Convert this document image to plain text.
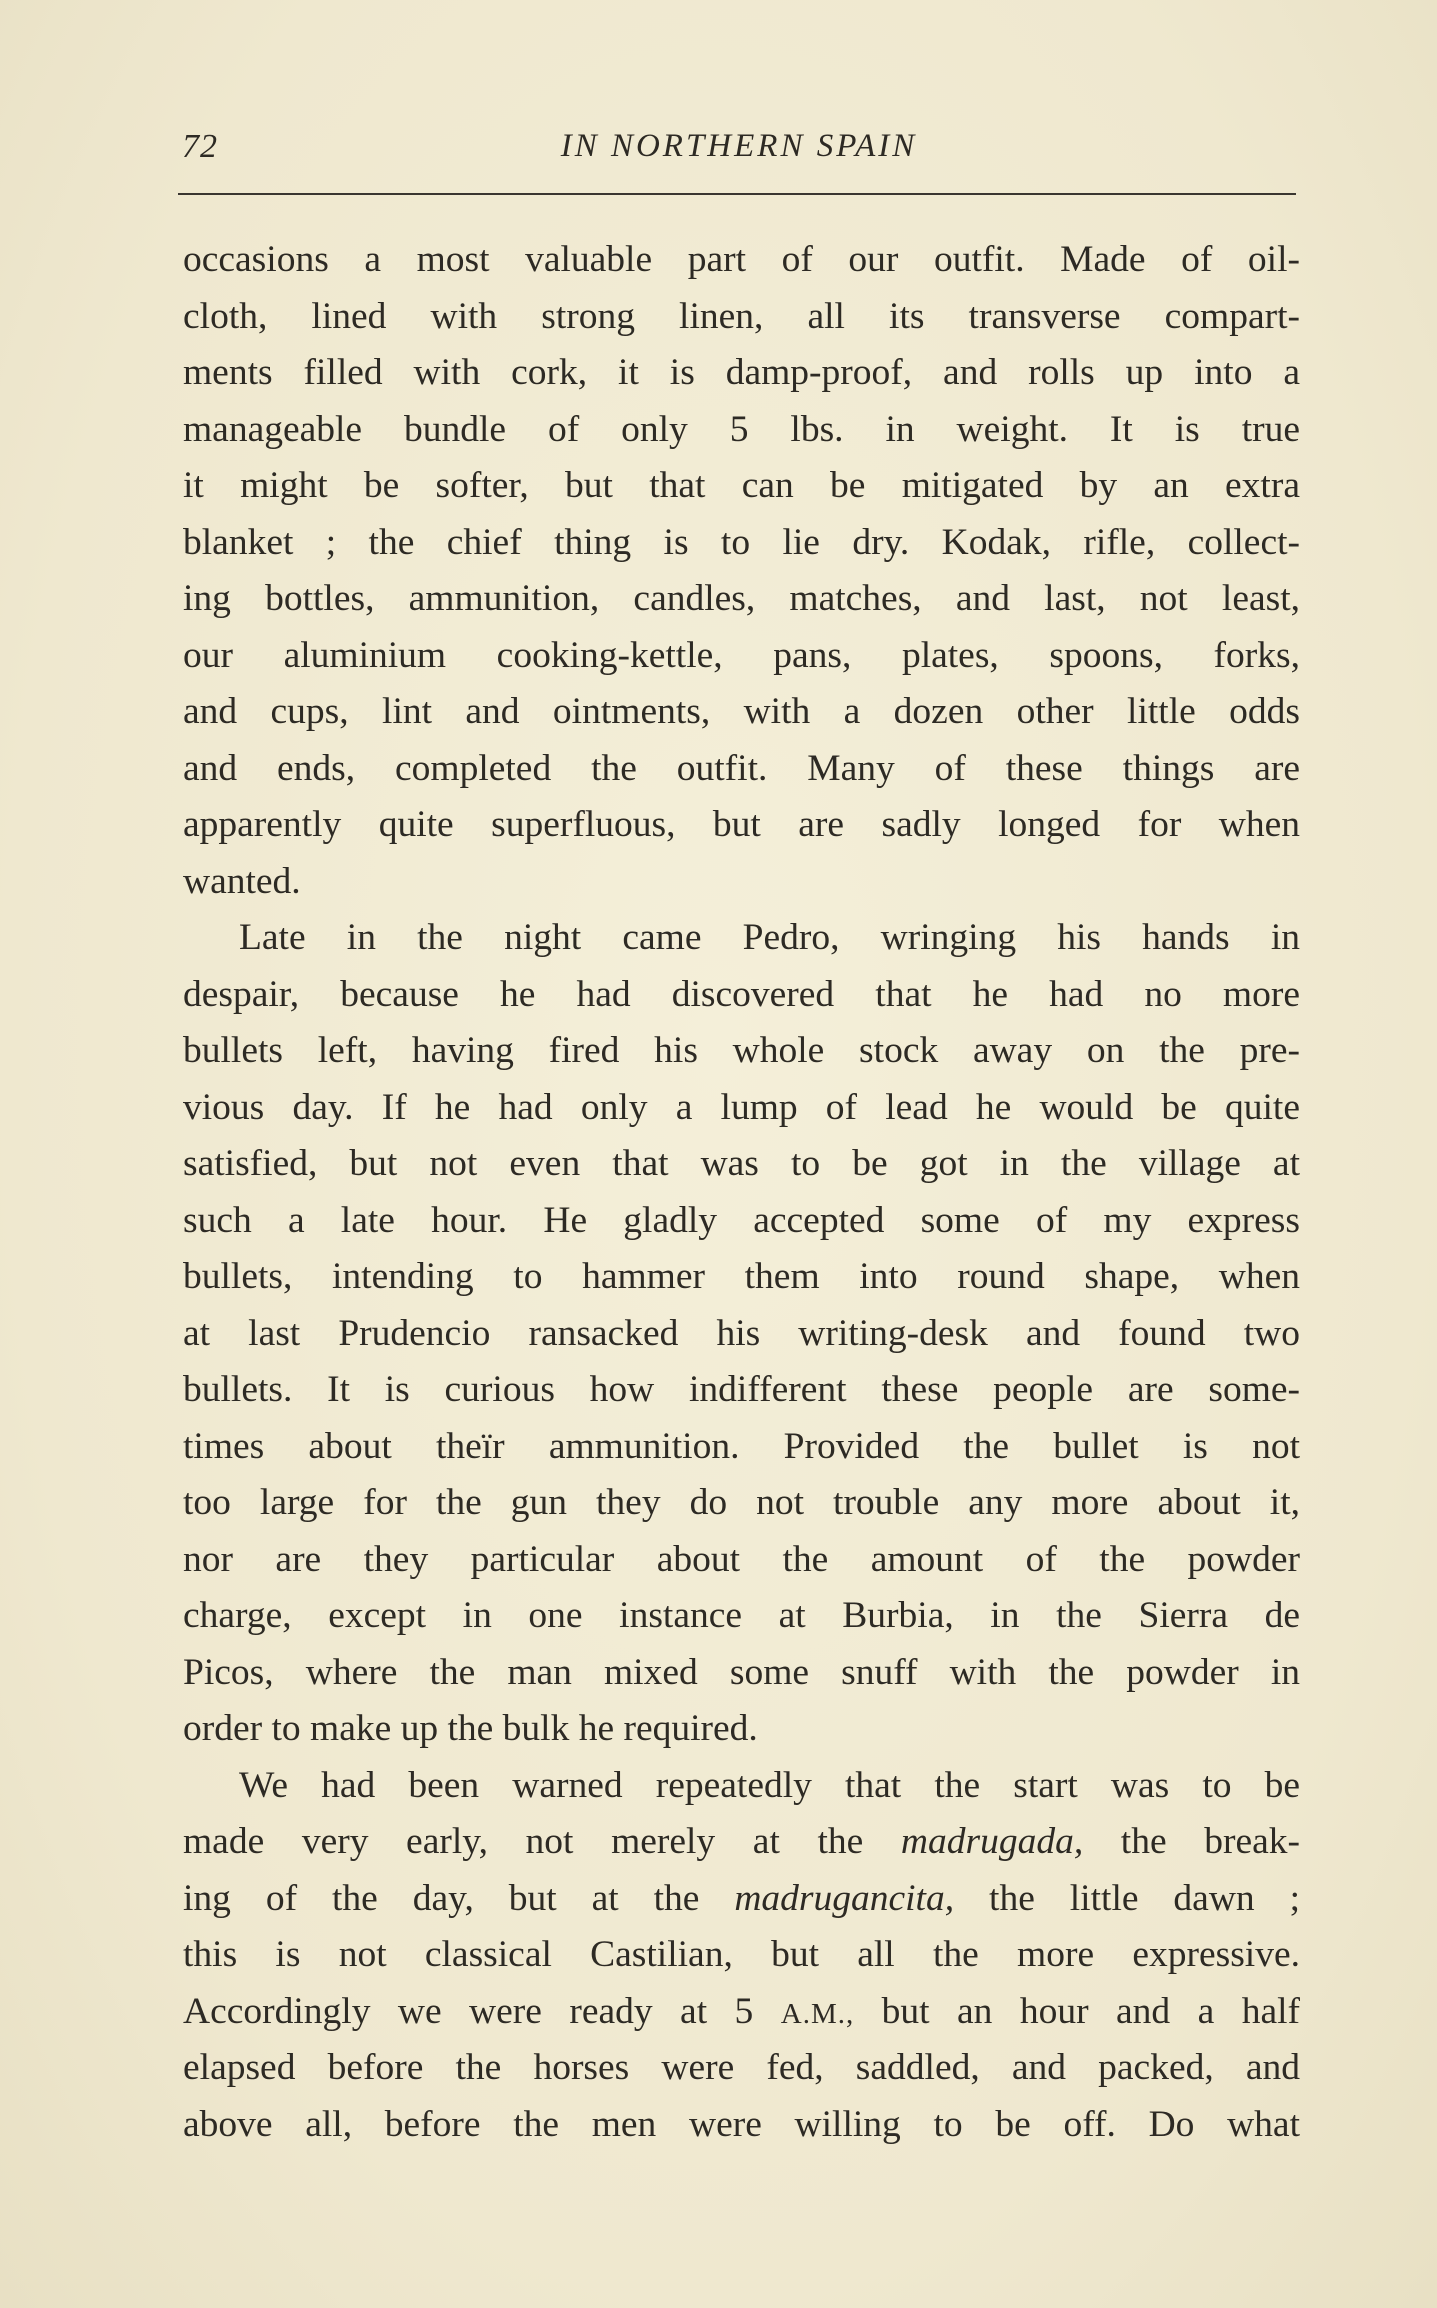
72	IN NORTHERN SPAIN
occasions a most valuable part of our outfit. Made of oil-
cloth, lined with strong linen, all its transverse compart-
ments filled with cork, it is damp-proof, and rolls up into a
manageable bundle of only 5 lbs. in weight. It is true
it might be softer, but that can be mitigated by an extra
blanket ; the chief thing is to lie dry. Kodak, rifle, collect-
ing bottles, ammunition, candles, matches, and last, not least,
our aluminium cooking-kettle, pans, plates, spoons, forks,
and cups, lint and ointments, with a dozen other little odds
and ends, completed the outfit. Many of these things are
apparently quite superfluous, but are sadly longed for when
wanted.
Late in the night came Pedro, wringing his hands in
despair, because he had discovered that he had no more
bullets left, having fired his whole stock away on the pre-
vious day. If he had only a lump of lead he would be quite
satisfied, but not even that was to be got in the village at
such a late hour. He gladly accepted some of my express
bullets, intending to hammer them into round shape, when
at last Prudencio ransacked his writing-desk and found two
bullets. It is curious how indifferent these people are some-
times about theïr ammunition. Provided the bullet is not
too large for the gun they do not trouble any more about it,
nor are they particular about the amount of the powder
charge, except in one instance at Burbia, in the Sierra de
Picos, where the man mixed some snuff with the powder in
order to make up the bulk he required.
We had been warned repeatedly that the start was to be
made very early, not merely at the madrugada, the break-
ing of the day, but at the madrugancita, the little dawn ;
this is not classical Castilian, but all the more expressive.
Accordingly we were ready at 5 A.M., but an hour and a half
elapsed before the horses were fed, saddled, and packed, and
above all, before the men were willing to be off. Do what
